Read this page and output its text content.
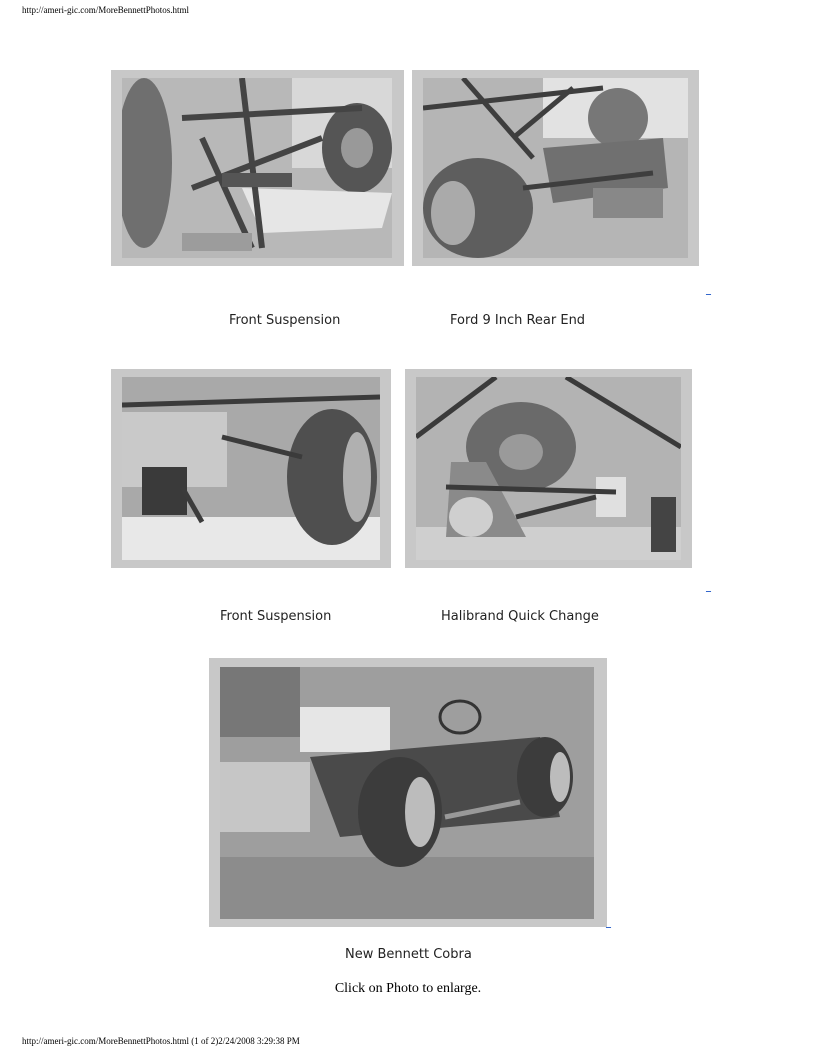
http://ameri-gic.com/MoreBennettPhotos.html
_
Front Suspension	Ford 9 Inch Rear End
_
Front Suspension	Halibrand Quick Change
_
New Bennett Cobra
Click on Photo to enlarge.
http://ameri-gic.com/MoreBennettPhotos.html (1 of 2)2/24/2008 3:29:38 PM
